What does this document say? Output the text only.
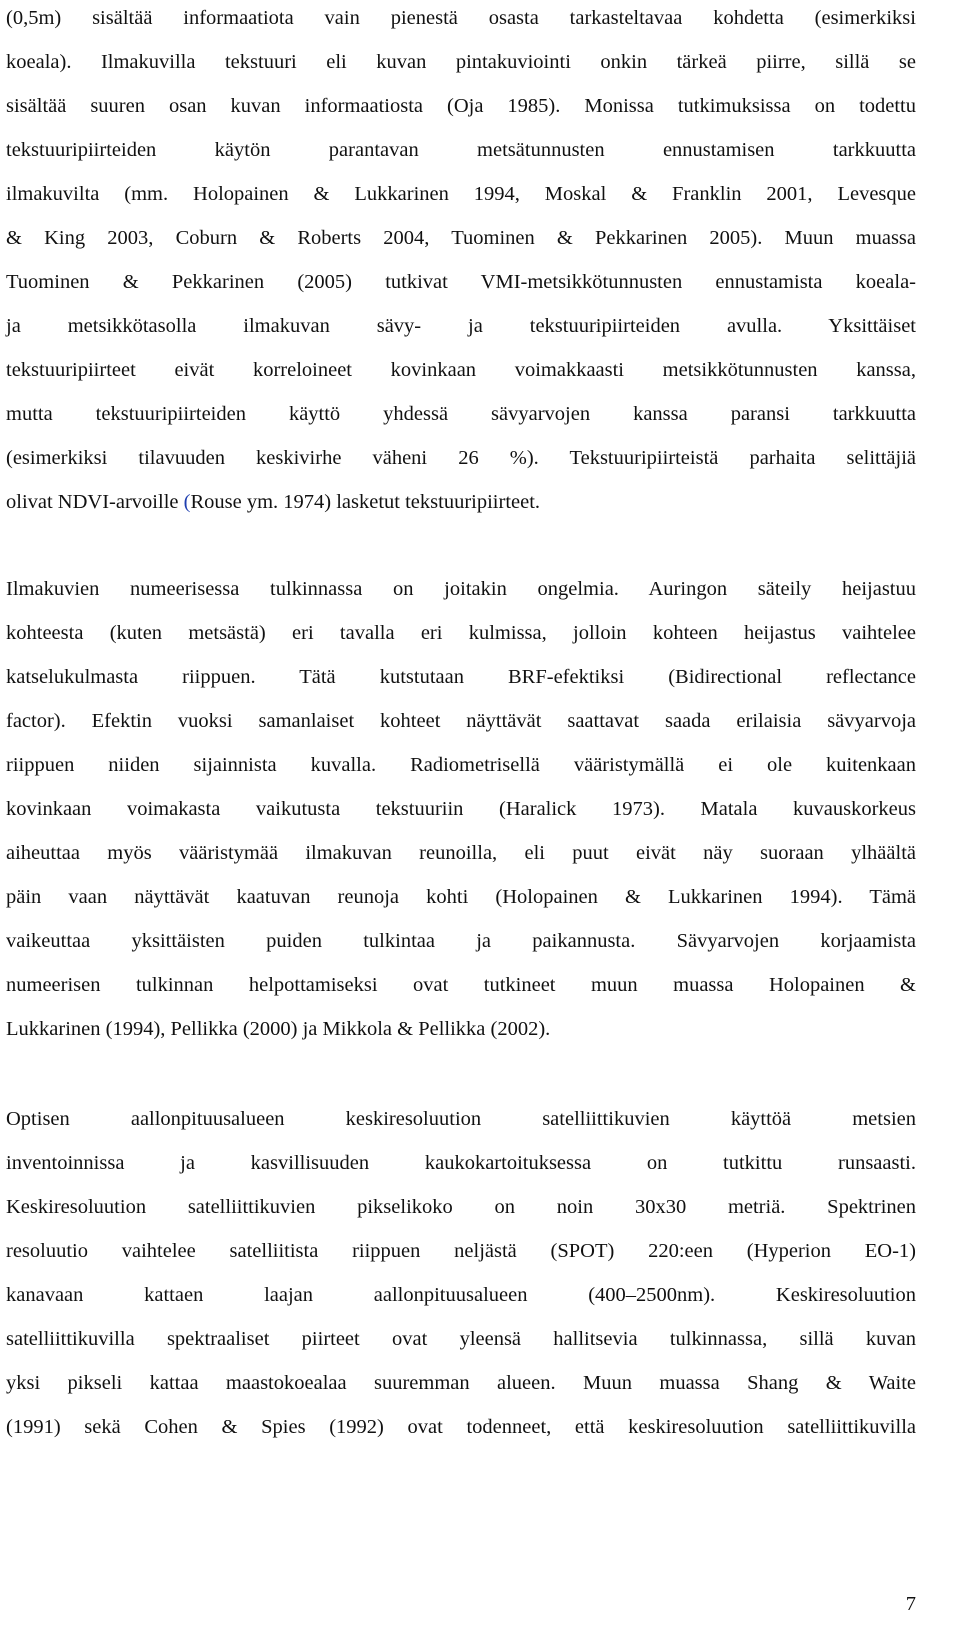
(0,5m) sisältää informaatiota vain pienestä osasta tarkasteltavaa kohdetta (esimerkiksi
koeala). Ilmakuvilla tekstuuri eli kuvan pintakuviointi onkin tärkeä piirre, sillä se
sisältää suuren osan kuvan informaatiosta (Oja 1985). Monissa tutkimuksissa on todettu
tekstuuripiirteiden käytön parantavan metsätunnusten ennustamisen tarkkuutta
ilmakuvilta (mm. Holopainen & Lukkarinen 1994, Moskal & Franklin 2001, Levesque
& King 2003, Coburn & Roberts 2004, Tuominen & Pekkarinen 2005). Muun muassa
Tuominen & Pekkarinen (2005) tutkivat VMI-metsikkötunnusten ennustamista koeala-
ja metsikkötasolla ilmakuvan sävy- ja tekstuuripiirteiden avulla. Yksittäiset
tekstuuripiirteet eivät korreloineet kovinkaan voimakkaasti metsikkötunnusten kanssa,
mutta tekstuuripiirteiden käyttö yhdessä sävyarvojen kanssa paransi tarkkuutta
(esimerkiksi tilavuuden keskivirhe väheni 26 %). Tekstuuripiirteistä parhaita selittäjiä
olivat NDVI-arvoille (Rouse ym. 1974) lasketut tekstuuripiirteet.
Ilmakuvien numeerisessa tulkinnassa on joitakin ongelmia. Auringon säteily heijastuu
kohteesta (kuten metsästä) eri tavalla eri kulmissa, jolloin kohteen heijastus vaihtelee
katselukulmasta riippuen. Tätä kutstutaan BRF-efektiksi (Bidirectional reflectance
factor). Efektin vuoksi samanlaiset kohteet näyttävät saattavat saada erilaisia sävyarvoja
riippuen niiden sijainnista kuvalla. Radiometrisellä vääristymällä ei ole kuitenkaan
kovinkaan voimakasta vaikutusta tekstuuriin (Haralick 1973). Matala kuvauskorkeus
aiheuttaa myös vääristymää ilmakuvan reunoilla, eli puut eivät näy suoraan ylhäältä
päin vaan näyttävät kaatuvan reunoja kohti (Holopainen & Lukkarinen 1994). Tämä
vaikeuttaa yksittäisten puiden tulkintaa ja paikannusta. Sävyarvojen korjaamista
numeerisen tulkinnan helpottamiseksi ovat tutkineet muun muassa Holopainen &
Lukkarinen (1994), Pellikka (2000) ja Mikkola & Pellikka (2002).
Optisen aallonpituusalueen keskiresoluution satelliittikuvien käyttöä metsien
inventoinnissa ja kasvillisuuden kaukokartoituksessa on tutkittu runsaasti.
Keskiresoluution satelliittikuvien pikselikoko on noin 30x30 metriä. Spektrinen
resoluutio vaihtelee satelliitista riippuen neljästä (SPOT) 220:een (Hyperion EO-1)
kanavaan kattaen laajan aallonpituusalueen (400–2500nm). Keskiresoluution
satelliittikuvilla spektraaliset piirteet ovat yleensä hallitsevia tulkinnassa, sillä kuvan
yksi pikseli kattaa maastokoealaa suuremman alueen. Muun muassa Shang & Waite
(1991) sekä Cohen & Spies (1992) ovat todenneet, että keskiresoluution satelliittikuvilla
7
